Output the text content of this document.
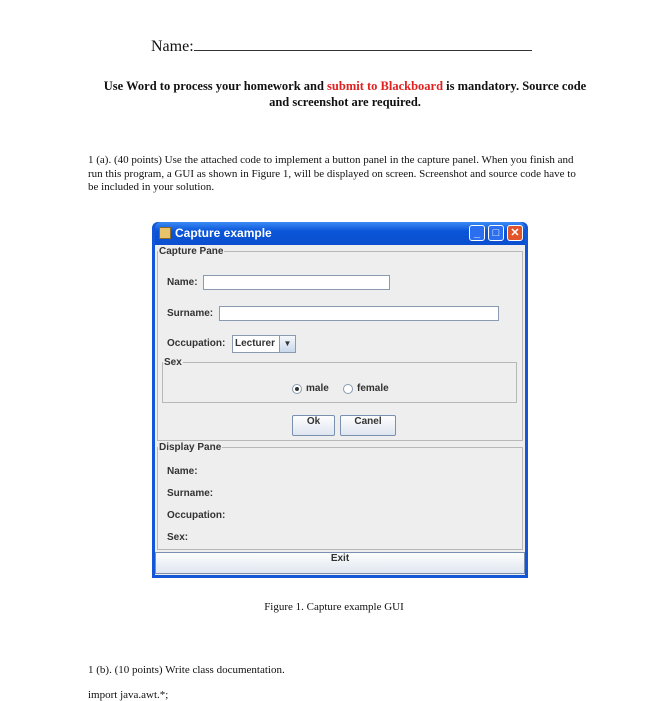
Name:
Use Word to process your homework and submit to Blackboard is mandatory. Source code and screenshot are required.
1 (a). (40 points) Use the attached code to implement a button panel in the capture panel. When you finish and run this program, a GUI as shown in Figure 1, will be displayed on screen. Screenshot and source code have to be included in your solution.
Capture example	_	□	✕
Capture Pane
Name:
Surname:
Occupation: Lecturer	▼
Sex
male	female
Ok	Canel
Display Pane
Name:
Surname:
Occupation:
Sex:
Exit
Figure 1. Capture example GUI
1 (b). (10 points) Write class documentation.
import java.awt.*;
